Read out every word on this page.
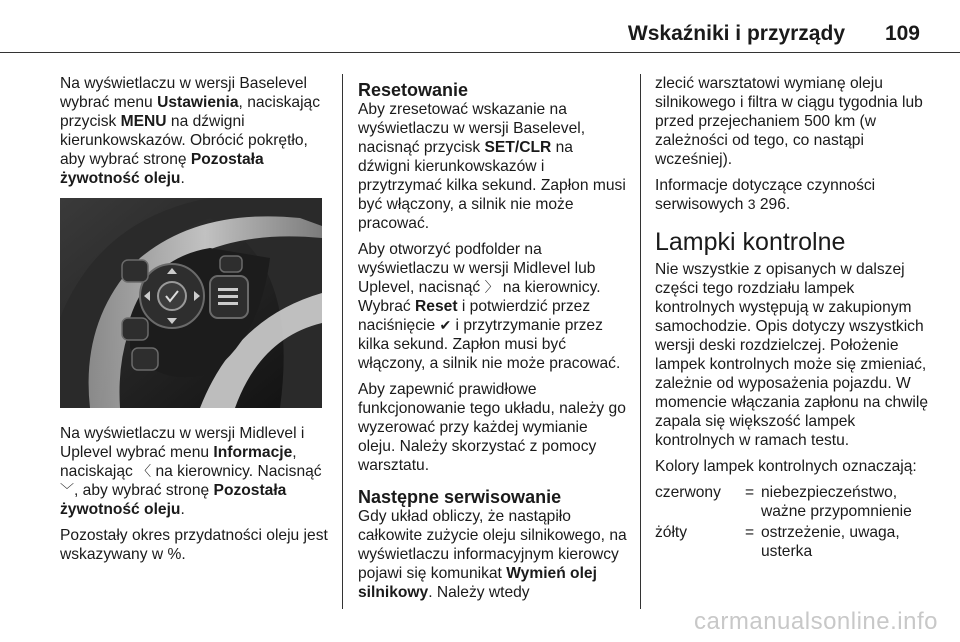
Wskaźniki i przyrządy 109

Na wyświetlaczu w wersji Baselevel wybrać menu Ustawienia, naciskając przycisk MENU na dźwigni kierunkowskazów. Obrócić pokrętło, aby wybrać stronę Pozostała żywotność oleju.

Na wyświetlaczu w wersji Midlevel i Uplevel wybrać menu Informacje, naciskając 〈 na kierownicy. Nacisnąć ﹀, aby wybrać stronę Pozostała żywotność oleju.

Pozostały okres przydatności oleju jest wskazywany w %.

Resetowanie

Aby zresetować wskazanie na wyświetlaczu w wersji Baselevel, nacisnąć przycisk SET/CLR na dźwigni kierunkowskazów i przytrzymać kilka sekund. Zapłon musi być włączony, a silnik nie może pracować.

Aby otworzyć podfolder na wyświetlaczu w wersji Midlevel lub Uplevel, nacisnąć 〉 na kierownicy. Wybrać Reset i potwierdzić przez naciśnięcie ✔ i przytrzymanie przez kilka sekund. Zapłon musi być włączony, a silnik nie może pracować.

Aby zapewnić prawidłowe funkcjonowanie tego układu, należy go wyzerować przy każdej wymianie oleju. Należy skorzystać z pomocy warsztatu.

Następne serwisowanie

Gdy układ obliczy, że nastąpiło całkowite zużycie oleju silnikowego, na wyświetlaczu informacyjnym kierowcy pojawi się komunikat Wymień olej silnikowy. Należy wtedy

zlecić warsztatowi wymianę oleju silnikowego i filtra w ciągu tygodnia lub przed przejechaniem 500 km (w zależności od tego, co nastąpi wcześniej).

Informacje dotyczące czynności serwisowych 3 296.

Lampki kontrolne

Nie wszystkie z opisanych w dalszej części tego rozdziału lampek kontrolnych występują w zakupionym samochodzie. Opis dotyczy wszystkich wersji deski rozdzielczej. Położenie lampek kontrolnych może się zmieniać, zależnie od wyposażenia pojazdu. W momencie włączania zapłonu na chwilę zapala się większość lampek kontrolnych w ramach testu.

Kolory lampek kontrolnych oznaczają:

czerwony	=	niebezpieczeństwo, ważne przypomnienie
żółty	=	ostrzeżenie, uwaga, usterka
carmanualsonline.info
